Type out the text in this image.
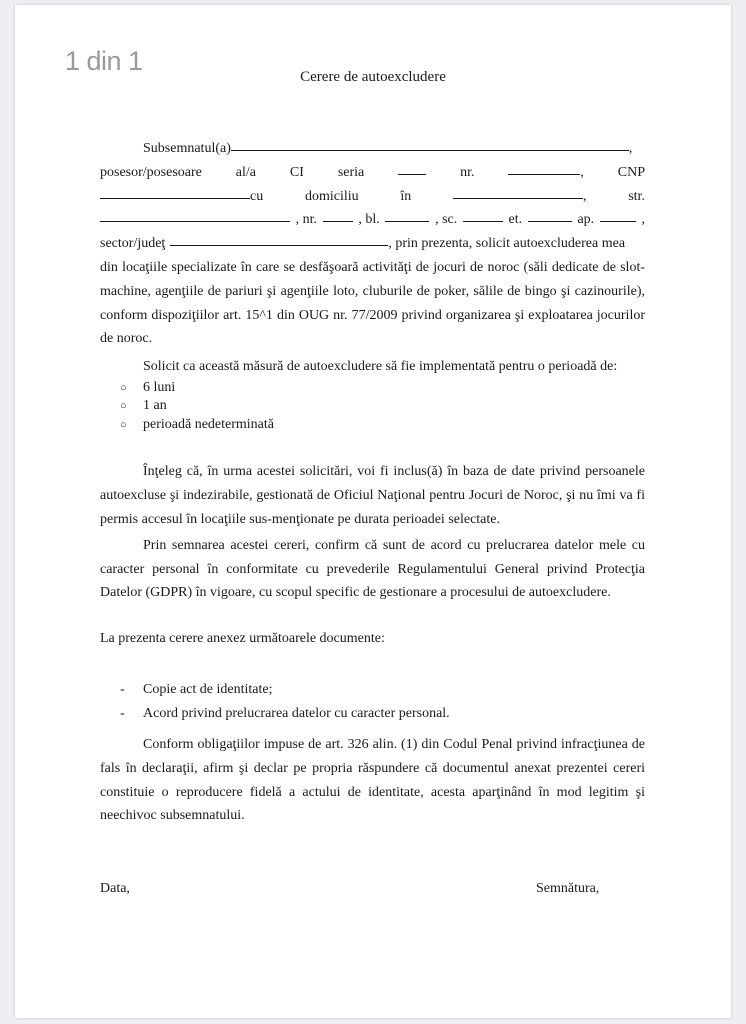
1 din 1
Cerere de autoexcludere
Subsemnatul(a)	,
posesor/posesoare al/a CI seria	nr.	, CNP
cu	domiciliu	în	,	str.
, nr.	, bl.	, sc.	et.	ap.	,
sector/judeţ	, prin prezenta, solicit autoexcluderea mea

din locaţiile specializate în care se desfăşoară activităţi de jocuri de noroc (săli dedicate de slot-machine, agenţiile de pariuri şi agenţiile loto, cluburile de poker, sălile de bingo şi cazinourile), conform dispoziţiilor art. 15^1 din OUG nr. 77/2009 privind organizarea şi exploatarea jocurilor de noroc.

Solicit ca această măsură de autoexcludere să fie implementată pentru o perioadă de:

○	6 luni
○	1 an
○	perioadă nedeterminată

Înţeleg că, în urma acestei solicitări, voi fi inclus(ă) în baza de date privind persoanele autoexcluse şi indezirabile, gestionată de Oficiul Naţional pentru Jocuri de Noroc, şi nu îmi va fi permis accesul în locaţiile sus-menţionate pe durata perioadei selectate.

Prin semnarea acestei cereri, confirm că sunt de acord cu prelucrarea datelor mele cu caracter personal în conformitate cu prevederile Regulamentului General privind Protecţia Datelor (GDPR) în vigoare, cu scopul specific de gestionare a procesului de autoexcludere.

La prezenta cerere anexez următoarele documente:

-	Copie act de identitate;
-	Acord privind prelucrarea datelor cu caracter personal.

Conform obligaţiilor impuse de art. 326 alin. (1) din Codul Penal privind infracţiunea de fals în declaraţii, afirm şi declar pe propria răspundere că documentul anexat prezentei cereri constituie o reproducere fidelă a actului de identitate, acesta aparţinând în mod legitim şi neechivoc subsemnatului.

Data,	Semnătura,
